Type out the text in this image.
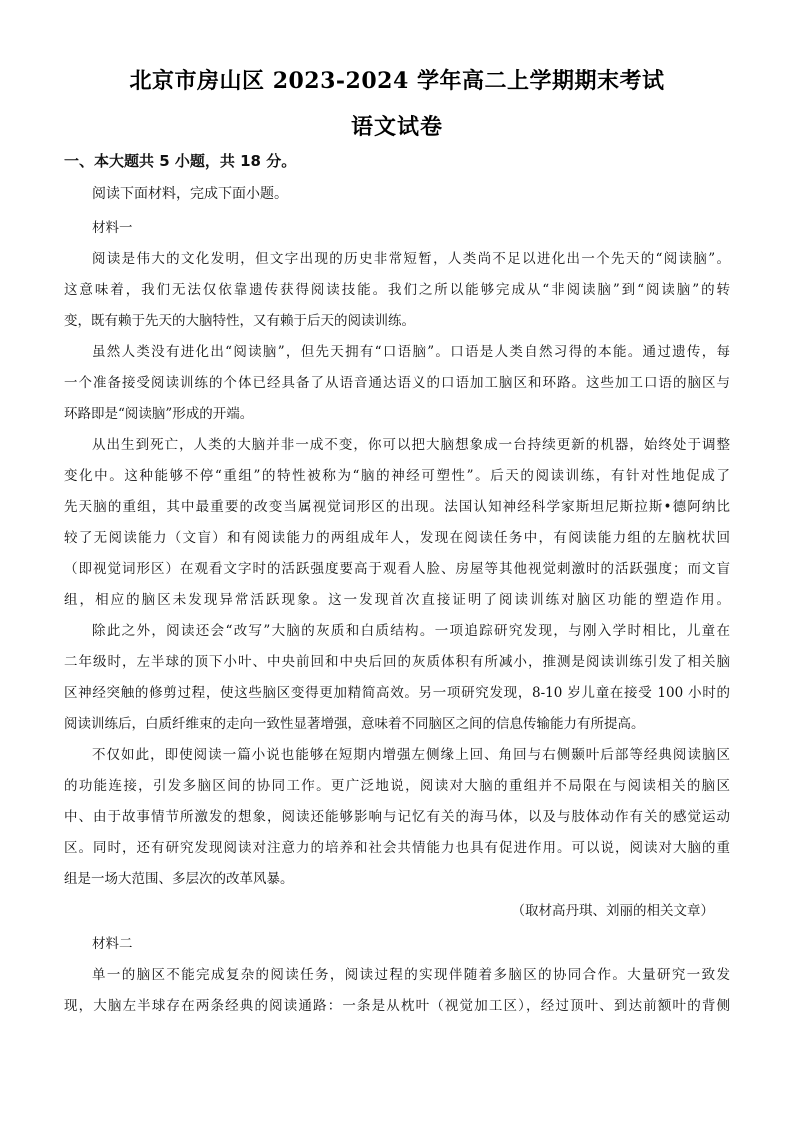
北京市房山区 2023-2024 学年高二上学期期末考试
语文试卷
一、本大题共 5 小题，共 18 分。
阅读下面材料，完成下面小题。
材料一
阅读是伟大的文化发明，但文字出现的历史非常短暂，人类尚不足以进化出一个先天的“阅读脑”。
这意味着，我们无法仅依靠遗传获得阅读技能。我们之所以能够完成从“非阅读脑”到“阅读脑”的转
变，既有赖于先天的大脑特性，又有赖于后天的阅读训练。
虽然人类没有进化出“阅读脑”，但先天拥有“口语脑”。口语是人类自然习得的本能。通过遗传，每
一个准备接受阅读训练的个体已经具备了从语音通达语义的口语加工脑区和环路。这些加工口语的脑区与
环路即是“阅读脑”形成的开端。
从出生到死亡，人类的大脑并非一成不变，你可以把大脑想象成一台持续更新的机器，始终处于调整
变化中。这种能够不停“重组”的特性被称为“脑的神经可塑性”。后天的阅读训练，有针对性地促成了
先天脑的重组，其中最重要的改变当属视觉词形区的出现。法国认知神经科学家斯坦尼斯拉斯•德阿纳比
较了无阅读能力（文盲）和有阅读能力的两组成年人，发现在阅读任务中，有阅读能力组的左脑枕状回
（即视觉词形区）在观看文字时的活跃强度要高于观看人脸、房屋等其他视觉刺激时的活跃强度；而文盲
组，相应的脑区未发现异常活跃现象。这一发现首次直接证明了阅读训练对脑区功能的塑造作用。
除此之外，阅读还会“改写”大脑的灰质和白质结构。一项追踪研究发现，与刚入学时相比，儿童在
二年级时，左半球的顶下小叶、中央前回和中央后回的灰质体积有所减小，推测是阅读训练引发了相关脑
区神经突触的修剪过程，使这些脑区变得更加精简高效。另一项研究发现，8-10 岁儿童在接受 100 小时的
阅读训练后，白质纤维束的走向一致性显著增强，意味着不同脑区之间的信息传输能力有所提高。
不仅如此，即使阅读一篇小说也能够在短期内增强左侧缘上回、角回与右侧颞叶后部等经典阅读脑区
的功能连接，引发多脑区间的协同工作。更广泛地说，阅读对大脑的重组并不局限在与阅读相关的脑区
中、由于故事情节所激发的想象，阅读还能够影响与记忆有关的海马体，以及与肢体动作有关的感觉运动
区。同时，还有研究发现阅读对注意力的培养和社会共情能力也具有促进作用。可以说，阅读对大脑的重
组是一场大范围、多层次的改革风暴。
（取材高丹琪、刘丽的相关文章）
材料二
单一的脑区不能完成复杂的阅读任务，阅读过程的实现伴随着多脑区的协同合作。大量研究一致发
现，大脑左半球存在两条经典的阅读通路：一条是从枕叶（视觉加工区），经过顶叶、到达前额叶的背侧
